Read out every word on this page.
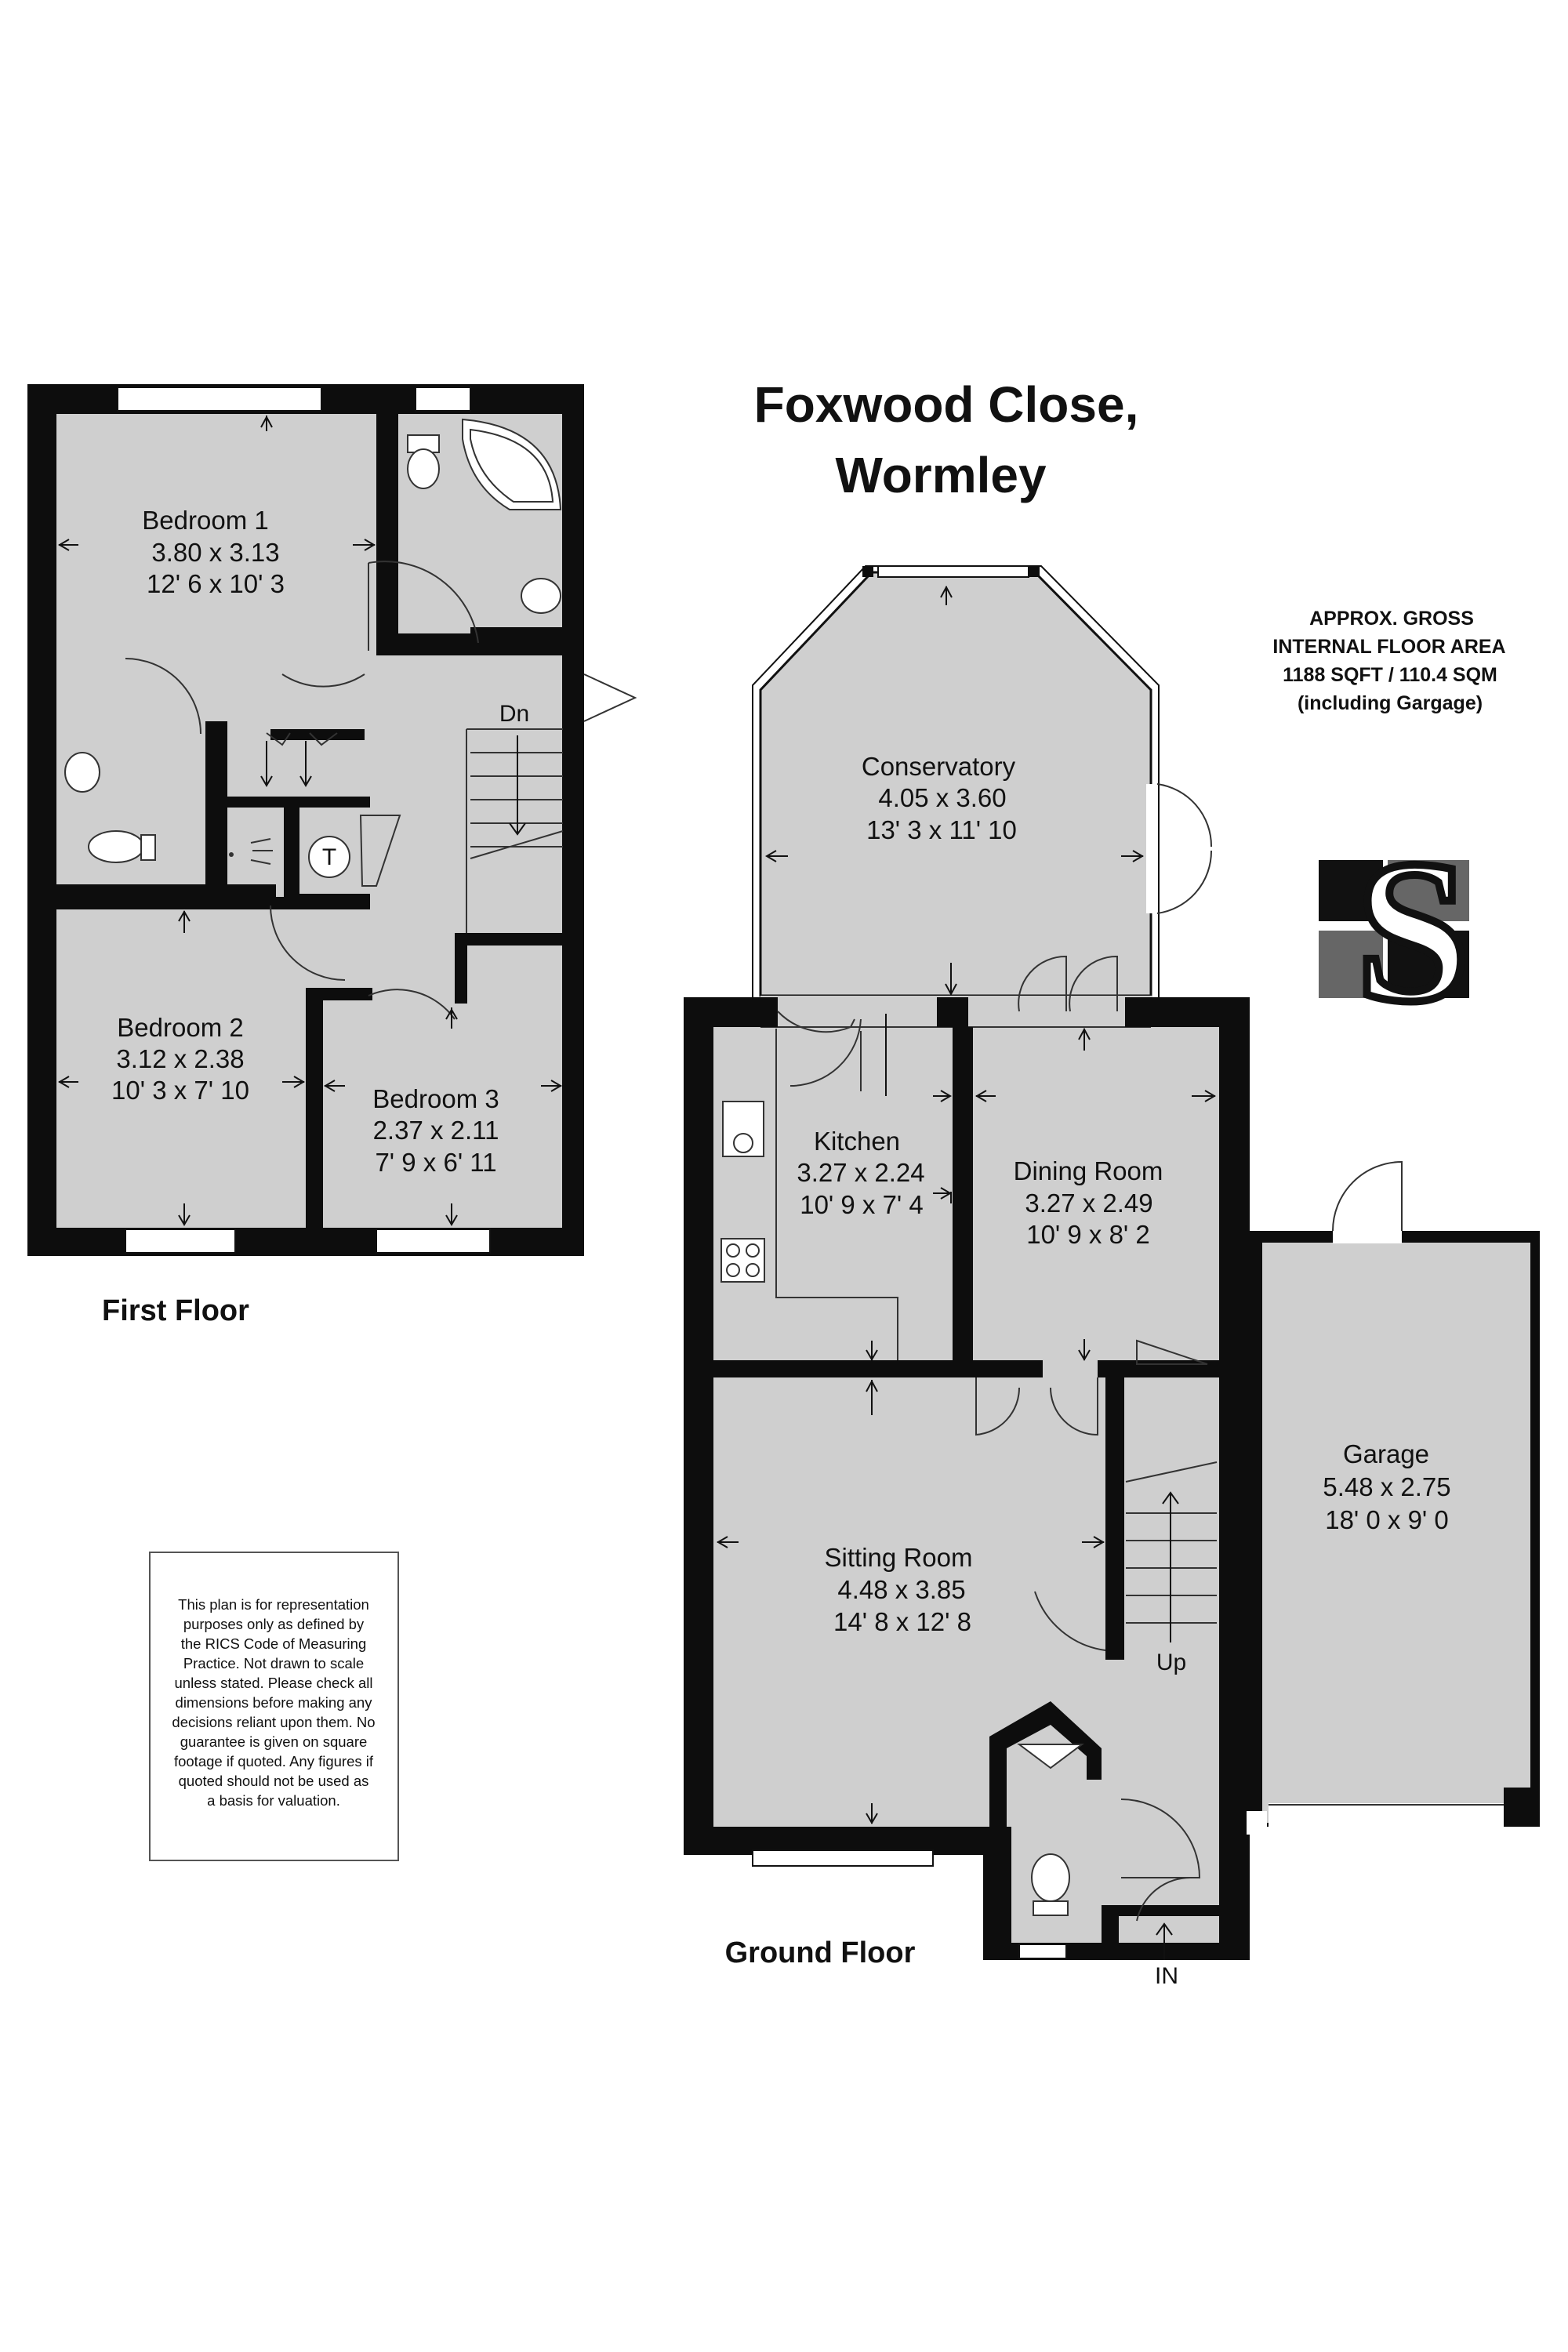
Foxwood Close,
Wormley
APPROX. GROSS
INTERNAL FLOOR AREA
1188 SQFT / 110.4 SQM
(including Gargage)
S
Dn
T
Bedroom 1
3.80 x 3.13
12' 6 x 10' 3
Bedroom 2
3.12 x 2.38
10' 3 x 7' 10	Bedroom 3
2.37 x 2.11
7' 9 x 6' 11
First Floor
Up
IN
Conservatory
4.05 x 3.60
13' 3 x 11' 10
Kitchen
3.27 x 2.24
10' 9 x 7' 4
Dining Room
3.27 x 2.49
10' 9 x 8' 2
Sitting Room
4.48 x 3.85
14' 8 x 12' 8
Garage
5.48 x 2.75
18' 0 x 9' 0
Ground Floor
This plan is for representation
purposes only as defined by
the RICS Code of Measuring
Practice. Not drawn to scale
unless stated. Please check all
dimensions before making any
decisions reliant upon them. No
guarantee is given on square
footage if quoted. Any figures if
quoted should not be used as
a basis for valuation.
